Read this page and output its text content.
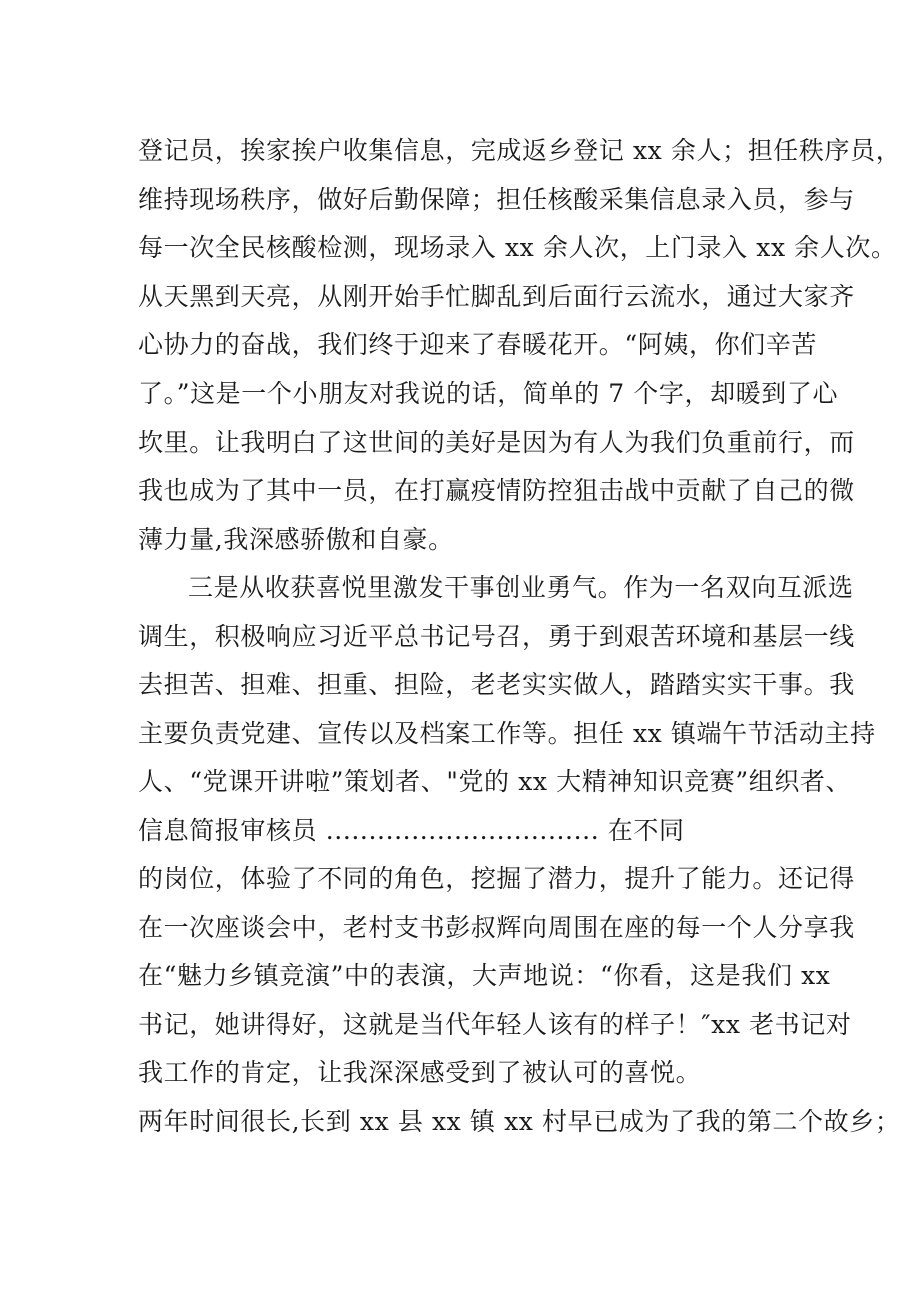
登记员，挨家挨户收集信息，完成返乡登记 xx 余人；担任秩序员，
维持现场秩序，做好后勤保障；担任核酸采集信息录入员，参与
每一次全民核酸检测，现场录入 xx 余人次，上门录入 xx 余人次。
从天黑到天亮，从刚开始手忙脚乱到后面行云流水，通过大家齐
心协力的奋战，我们终于迎来了春暖花开。“阿姨，你们辛苦
了。”这是一个小朋友对我说的话，简单的 7 个字，却暖到了心
坎里。让我明白了这世间的美好是因为有人为我们负重前行，而
我也成为了其中一员，在打赢疫情防控狙击战中贡献了自己的微
薄力量,我深感骄傲和自豪。
三是从收获喜悦里激发干事创业勇气。作为一名双向互派选
调生，积极响应习近平总书记号召，勇于到艰苦环境和基层一线
去担苦、担难、担重、担险，老老实实做人，踏踏实实干事。我
主要负责党建、宣传以及档案工作等。担任 xx 镇端午节活动主持
人、“党课开讲啦”策划者、"党的 xx 大精神知识竞赛”组织者、
信息简报审核员 ................................ 在不同
的岗位，体验了不同的角色，挖掘了潜力，提升了能力。还记得
在一次座谈会中，老村支书彭叔辉向周围在座的每一个人分享我
在“魅力乡镇竞演”中的表演，大声地说：“你看，这是我们 xx
书记，她讲得好，这就是当代年轻人该有的样子！″xx 老书记对
我工作的肯定，让我深深感受到了被认可的喜悦。
两年时间很长,长到 xx 县 xx 镇 xx 村早已成为了我的第二个故乡；
